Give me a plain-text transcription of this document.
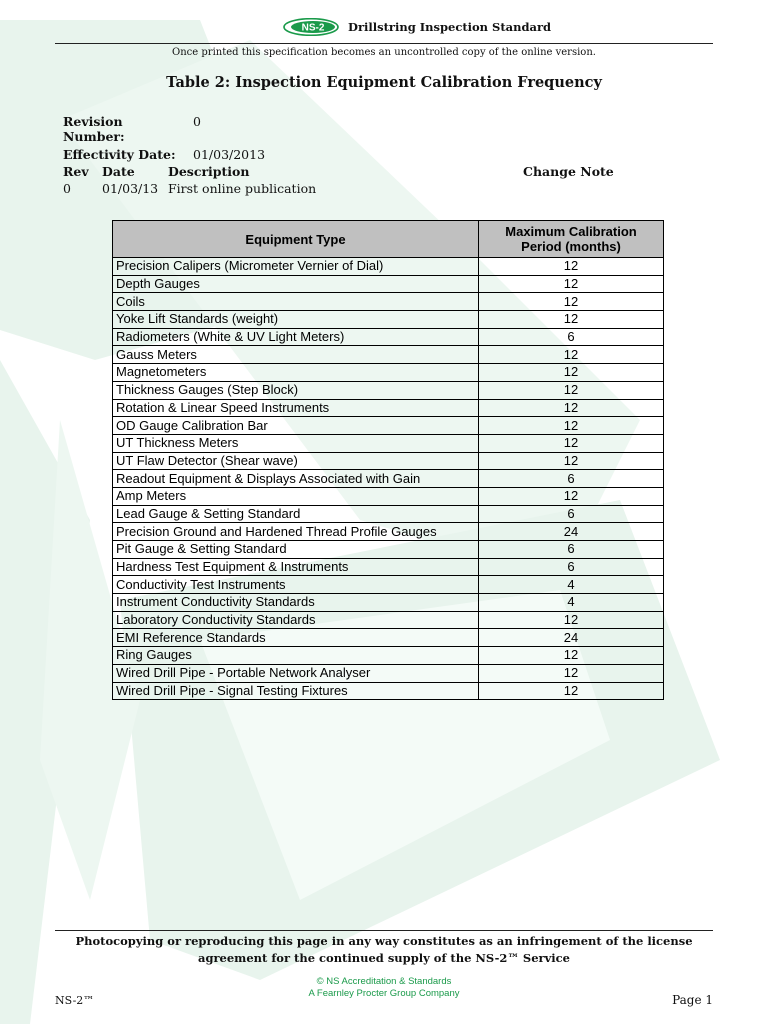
NS-2 Drillstring Inspection Standard
Once printed this specification becomes an uncontrolled copy of the online version.
Table 2: Inspection Equipment Calibration Frequency
Revision
Number:
0
Effectivity Date: 01/03/2013
Rev Date	Description	Change Note
0 01/03/13 First online publication
Equipment Type	Maximum Calibration
Period (months)

Precision Calipers (Micrometer Vernier of Dial)	12
Depth Gauges	12
Coils	12
Yoke Lift Standards (weight)	12
Radiometers (White & UV Light Meters)	6
Gauss Meters	12
Magnetometers	12
Thickness Gauges (Step Block)	12
Rotation & Linear Speed Instruments	12
OD Gauge Calibration Bar	12
UT Thickness Meters	12
UT Flaw Detector (Shear wave)	12
Readout Equipment & Displays Associated with Gain	6
Amp Meters	12
Lead Gauge & Setting Standard	6
Precision Ground and Hardened Thread Profile Gauges	24
Pit Gauge & Setting Standard	6
Hardness Test Equipment & Instruments	6
Conductivity Test Instruments	4
Instrument Conductivity Standards	4
Laboratory Conductivity Standards	12
EMI Reference Standards	24
Ring Gauges	12
Wired Drill Pipe - Portable Network Analyser	12
Wired Drill Pipe - Signal Testing Fixtures	12
Photocopying or reproducing this page in any way constitutes as an infringement of the license
agreement for the continued supply of the NS-2™ Service
© NS Accreditation & Standards
A Fearnley Procter Group Company
NS-2™	Page 1
